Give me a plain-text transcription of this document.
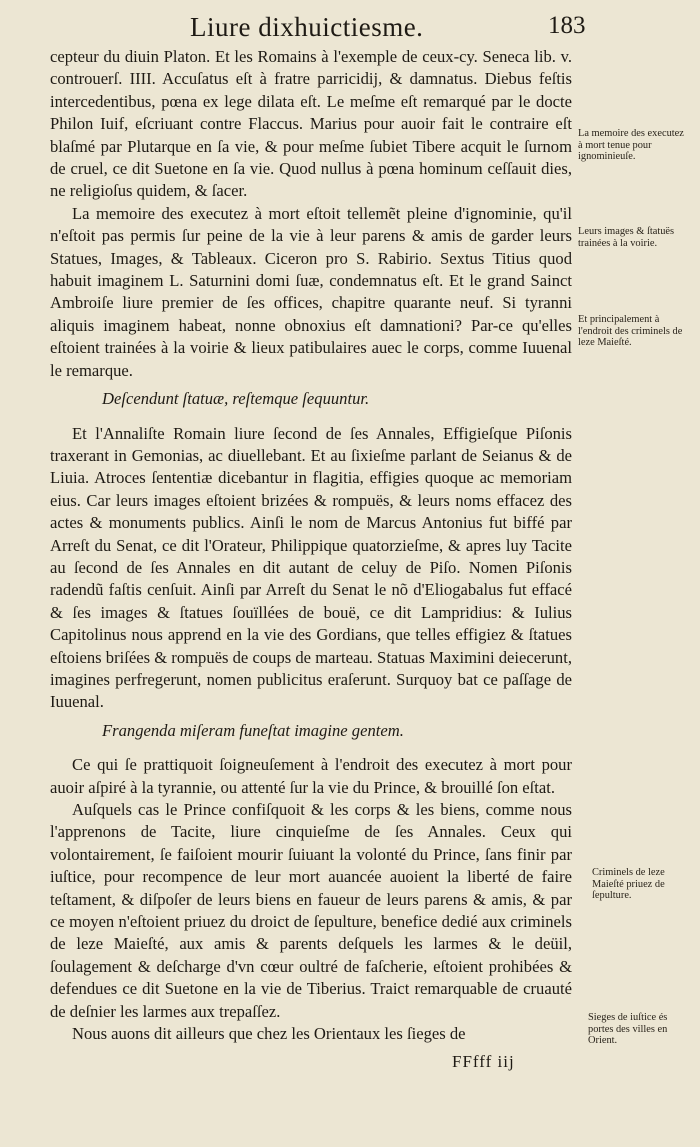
Liure dixhuictiesme.	183

cepteur du diuin Platon. Et les Romains à l'exemple de ceux-cy. Seneca lib. v. controuerſ. IIII. Accuſatus eſt à fratre parricidij, & damnatus. Diebus feſtis intercedentibus, pœna ex lege dilata eſt. Le meſme eſt remarqué par le docte Philon Iuif, eſcriuant contre Flaccus. Marius pour auoir fait le contraire eſt blaſmé par Plutarque en ſa vie, & pour meſme ſubiet Tibere acquit le ſurnom de cruel, ce dit Suetone en ſa vie. Quod nullus à pœna hominum ceſſauit dies, ne religioſus quidem, & ſacer.

La memoire des executez à mort eſtoit tellemẽt pleine d'ignominie, qu'il n'eſtoit pas permis ſur peine de la vie à leur parens & amis de garder leurs Statues, Images, & Tableaux. Ciceron pro S. Rabirio. Sextus Titius quod habuit imaginem L. Saturnini domi ſuæ, condemnatus eſt. Et le grand Sainct Ambroiſe liure premier de ſes offices, chapitre quarante neuf. Si tyranni aliquis imaginem habeat, nonne obnoxius eſt damnationi? Par-ce qu'elles eſtoient trainées à la voirie & lieux patibulaires auec le corps, comme Iuuenal le remarque.

Deſcendunt ſtatuæ, reſtemque ſequuntur.

Et l'Annaliſte Romain liure ſecond de ſes Annales, Effigieſque Piſonis traxerant in Gemonias, ac diuellebant. Et au ſixieſme parlant de Seianus & de Liuia. Atroces ſententiæ dicebantur in flagitia, effigies quoque ac memoriam eius. Car leurs images eſtoient brizées & rompuës, & leurs noms effacez des actes & monuments publics. Ainſi le nom de Marcus Antonius fut biffé par Arreſt du Senat, ce dit l'Orateur, Philippique quatorzieſme, & apres luy Tacite au ſecond de ſes Annales en dit autant de celuy de Piſo. Nomen Piſonis radendũ faſtis cenſuit. Ainſi par Arreſt du Senat le nõ d'Eliogabalus fut effacé & ſes images & ſtatues ſouïllées de bouë, ce dit Lampridius: & Iulius Capitolinus nous apprend en la vie des Gordians, que telles effigiez & ſtatues eſtoiens briſées & rompuës de coups de marteau. Statuas Maximini deiecerunt, imagines perfregerunt, nomen publicitus eraſerunt. Surquoy bat ce paſſage de Iuuenal.

Frangenda miſeram funeſtat imagine gentem.

Ce qui ſe prattiquoit ſoigneuſement à l'endroit des executez à mort pour auoir aſpiré à la tyrannie, ou attenté ſur la vie du Prince, & brouillé ſon eſtat.

Auſquels cas le Prince confiſquoit & les corps & les biens, comme nous l'apprenons de Tacite, liure cinquieſme de ſes Annales. Ceux qui volontairement, ſe faiſoient mourir ſuiuant la volonté du Prince, ſans finir par iuſtice, pour recompence de leur mort auancée auoient la liberté de faire teſtament, & diſpoſer de leurs biens en faueur de leurs parens & amis, & par ce moyen n'eſtoient priuez du droict de ſepulture, benefice dedié aux criminels de leze Maieſté, aux amis & parents deſquels les larmes & le deüil, ſoulagement & deſcharge d'vn cœur oultré de faſcherie, eſtoient prohibées & defendues ce dit Suetone en la vie de Tiberius. Traict remarquable de cruauté de deſnier les larmes aux trepaſſez.

Nous auons dit ailleurs que chez les Orientaux les ſieges de

FFfff iij
La memoire des executez à mort tenue pour ignominieuſe.
Leurs images & ſtatuës trainées à la voirie.
Et principalement à l'endroit des criminels de leze Maieſté.
Criminels de leze Maieſté priuez de ſepulture.
Sieges de iuſtice és portes des villes en Orient.
